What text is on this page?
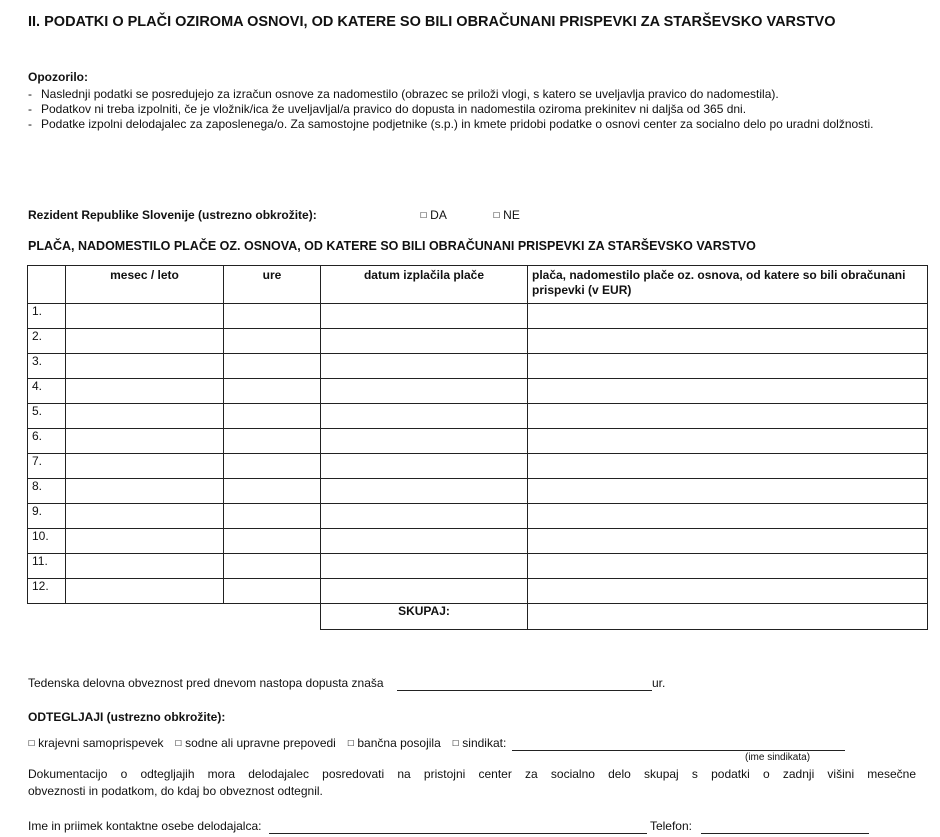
II. PODATKI O PLAČI OZIROMA OSNOVI, OD KATERE SO BILI OBRAČUNANI PRISPEVKI ZA STARŠEVSKO VARSTVO
Opozorilo:
- Naslednji podatki se posredujejo za izračun osnove za nadomestilo (obrazec se priloži vlogi, s katero se uveljavlja pravico do nadomestila).
- Podatkov ni treba izpolniti, če je vložnik/ica že uveljavljal/a pravico do dopusta in nadomestila oziroma prekinitev ni daljša od 365 dni.
- Podatke izpolni delodajalec za zaposlenega/o. Za samostojne podjetnike (s.p.) in kmete pridobi podatke o osnovi center za socialno delo po uradni dolžnosti.
Rezident Republike Slovenije (ustrezno obkrožite):	☐ DA	☐ NE
PLAČA, NADOMESTILO PLAČE OZ. OSNOVA, OD KATERE SO BILI OBRAČUNANI PRISPEVKI ZA STARŠEVSKO VARSTVO
	mesec / leto	ure	datum izplačila plače	plača, nadomestilo plače oz. osnova, od katere so bili obračunani prispevki (v EUR)
1.				
2.				
3.				
4.				
5.				
6.				
7.				
8.				
9.				
10.				
11.				
12.				
			SKUPAJ:	
Tedenska delovna obveznost pred dnevom nastopa dopusta znaša	ur.
ODTEGLJAJI (ustrezno obkrožite):
☐ krajevni samoprispevek ☐ sodne ali upravne prepovedi ☐ bančna posojila ☐ sindikat:
(ime sindikata)
Dokumentacijo o odtegljajih mora delodajalec posredovati na pristojni center za socialno delo skupaj s podatki o zadnji višini mesečne
obveznosti in podatkom, do kdaj bo obveznost odtegnil.
Ime in priimek kontaktne osebe delodajalca:	Telefon:
